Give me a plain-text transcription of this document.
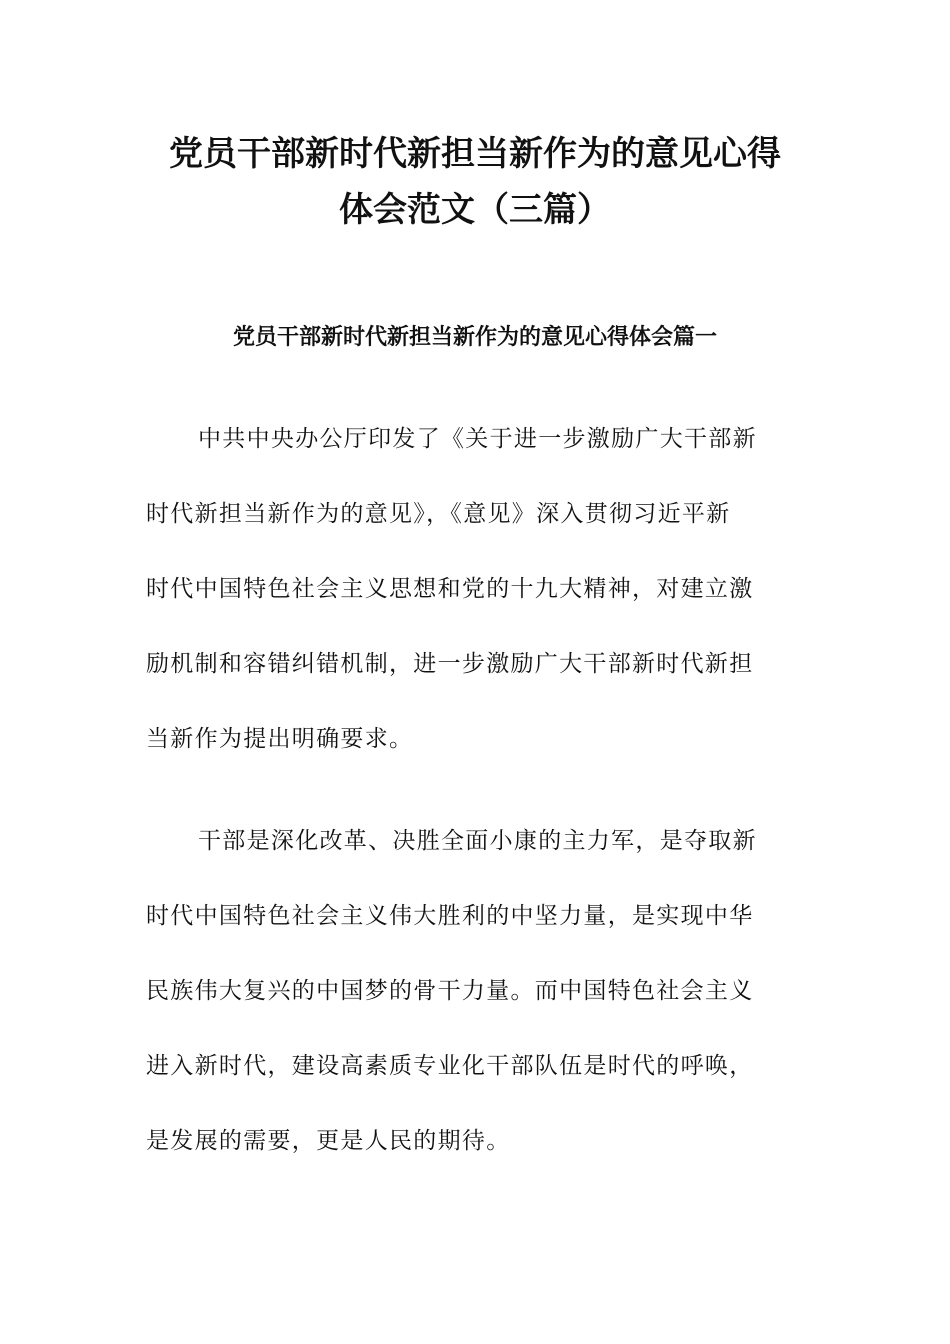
党员干部新时代新担当新作为的意见心得
体会范文（三篇）
党员干部新时代新担当新作为的意见心得体会篇一
中共中央办公厅印发了《关于进一步激励广大干部新
时代新担当新作为的意见》，《意见》深入贯彻习近平新
时代中国特色社会主义思想和党的十九大精神，对建立激
励机制和容错纠错机制，进一步激励广大干部新时代新担
当新作为提出明确要求。
干部是深化改革、决胜全面小康的主力军，是夺取新
时代中国特色社会主义伟大胜利的中坚力量，是实现中华
民族伟大复兴的中国梦的骨干力量。而中国特色社会主义
进入新时代，建设高素质专业化干部队伍是时代的呼唤，
是发展的需要，更是人民的期待。
